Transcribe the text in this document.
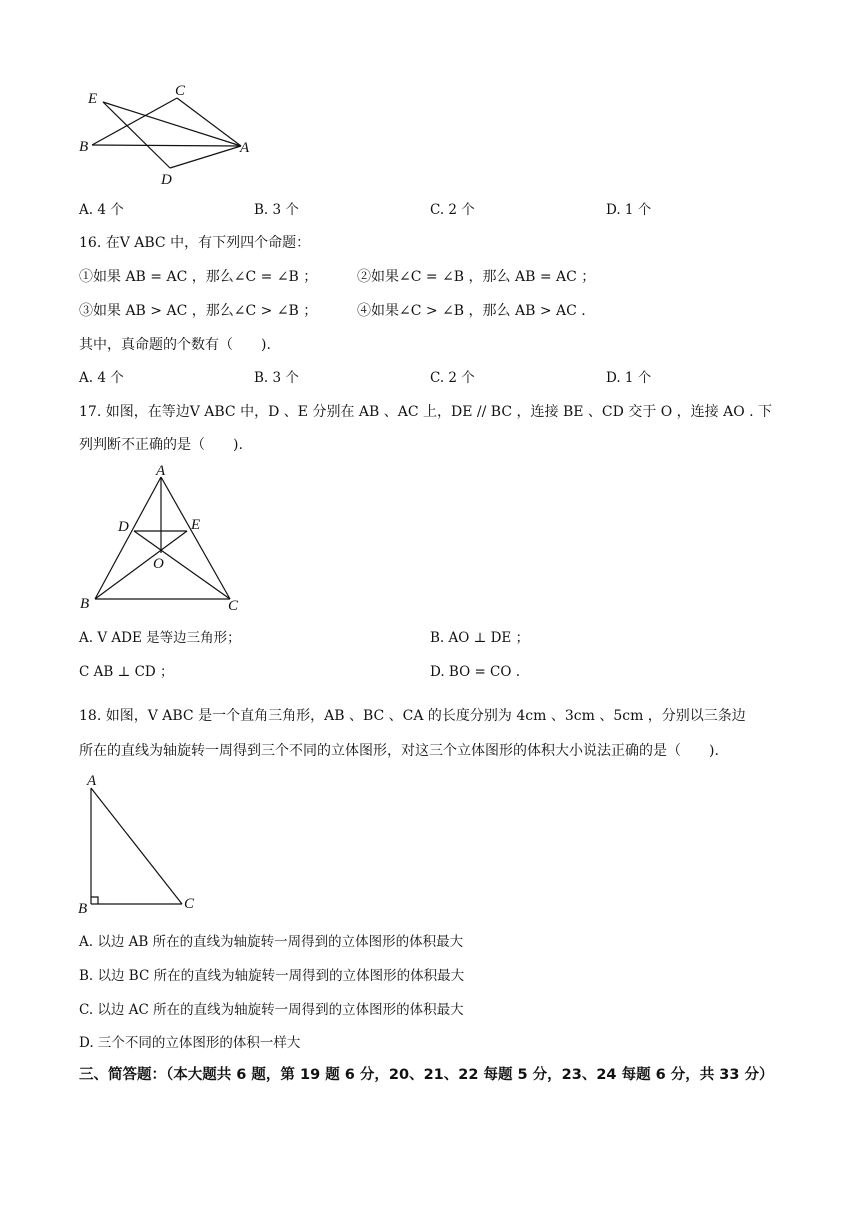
E	C
B	A
D
A. 4 个	B. 3 个	C. 2 个	D. 1 个
16. 在V ABC 中，有下列四个命题：
①如果 AB = AC ，那么∠C = ∠B ；	②如果∠C = ∠B ，那么 AB = AC ；
③如果 AB > AC ，那么∠C > ∠B ；	④如果∠C > ∠B ，那么 AB > AC .
其中，真命题的个数有（　　).
A. 4 个	B. 3 个	C. 2 个	D. 1 个
17. 如图，在等边V ABC 中，D 、E 分别在 AB 、AC 上，DE // BC ，连接 BE 、CD 交于 O ，连接 AO . 下
列判断不正确的是（　　).
A
D	E
O
B	C
A. V ADE 是等边三角形；	B. AO ⊥ DE ；
C AB ⊥ CD ；	D. BO = CO .
18. 如图，V ABC 是一个直角三角形，AB 、BC 、CA 的长度分别为 4cm 、3cm 、5cm ，分别以三条边
所在的直线为轴旋转一周得到三个不同的立体图形，对这三个立体图形的体积大小说法正确的是（　　).
A
B	C
A. 以边 AB 所在的直线为轴旋转一周得到的立体图形的体积最大
B. 以边 BC 所在的直线为轴旋转一周得到的立体图形的体积最大
C. 以边 AC 所在的直线为轴旋转一周得到的立体图形的体积最大
D. 三个不同的立体图形的体积一样大
三、简答题：（本大题共 6 题，第 19 题 6 分，20、21、22 每题 5 分，23、24 每题 6 分，共 33 分）
